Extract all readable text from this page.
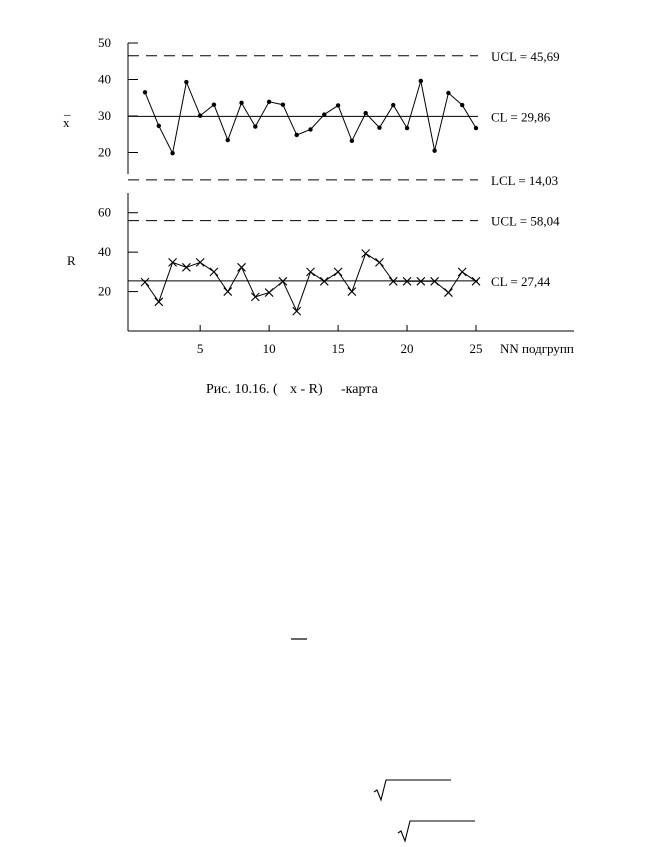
20
30
40
50
x
_
UCL = 45,69
CL = 29,86
LCL = 14,03
5	10	15	20	25 NN подгрупп
20
40
60
R
UCL = 58,04
CL = 27,44
Рис. 10.16. (	-карта
x - R)
